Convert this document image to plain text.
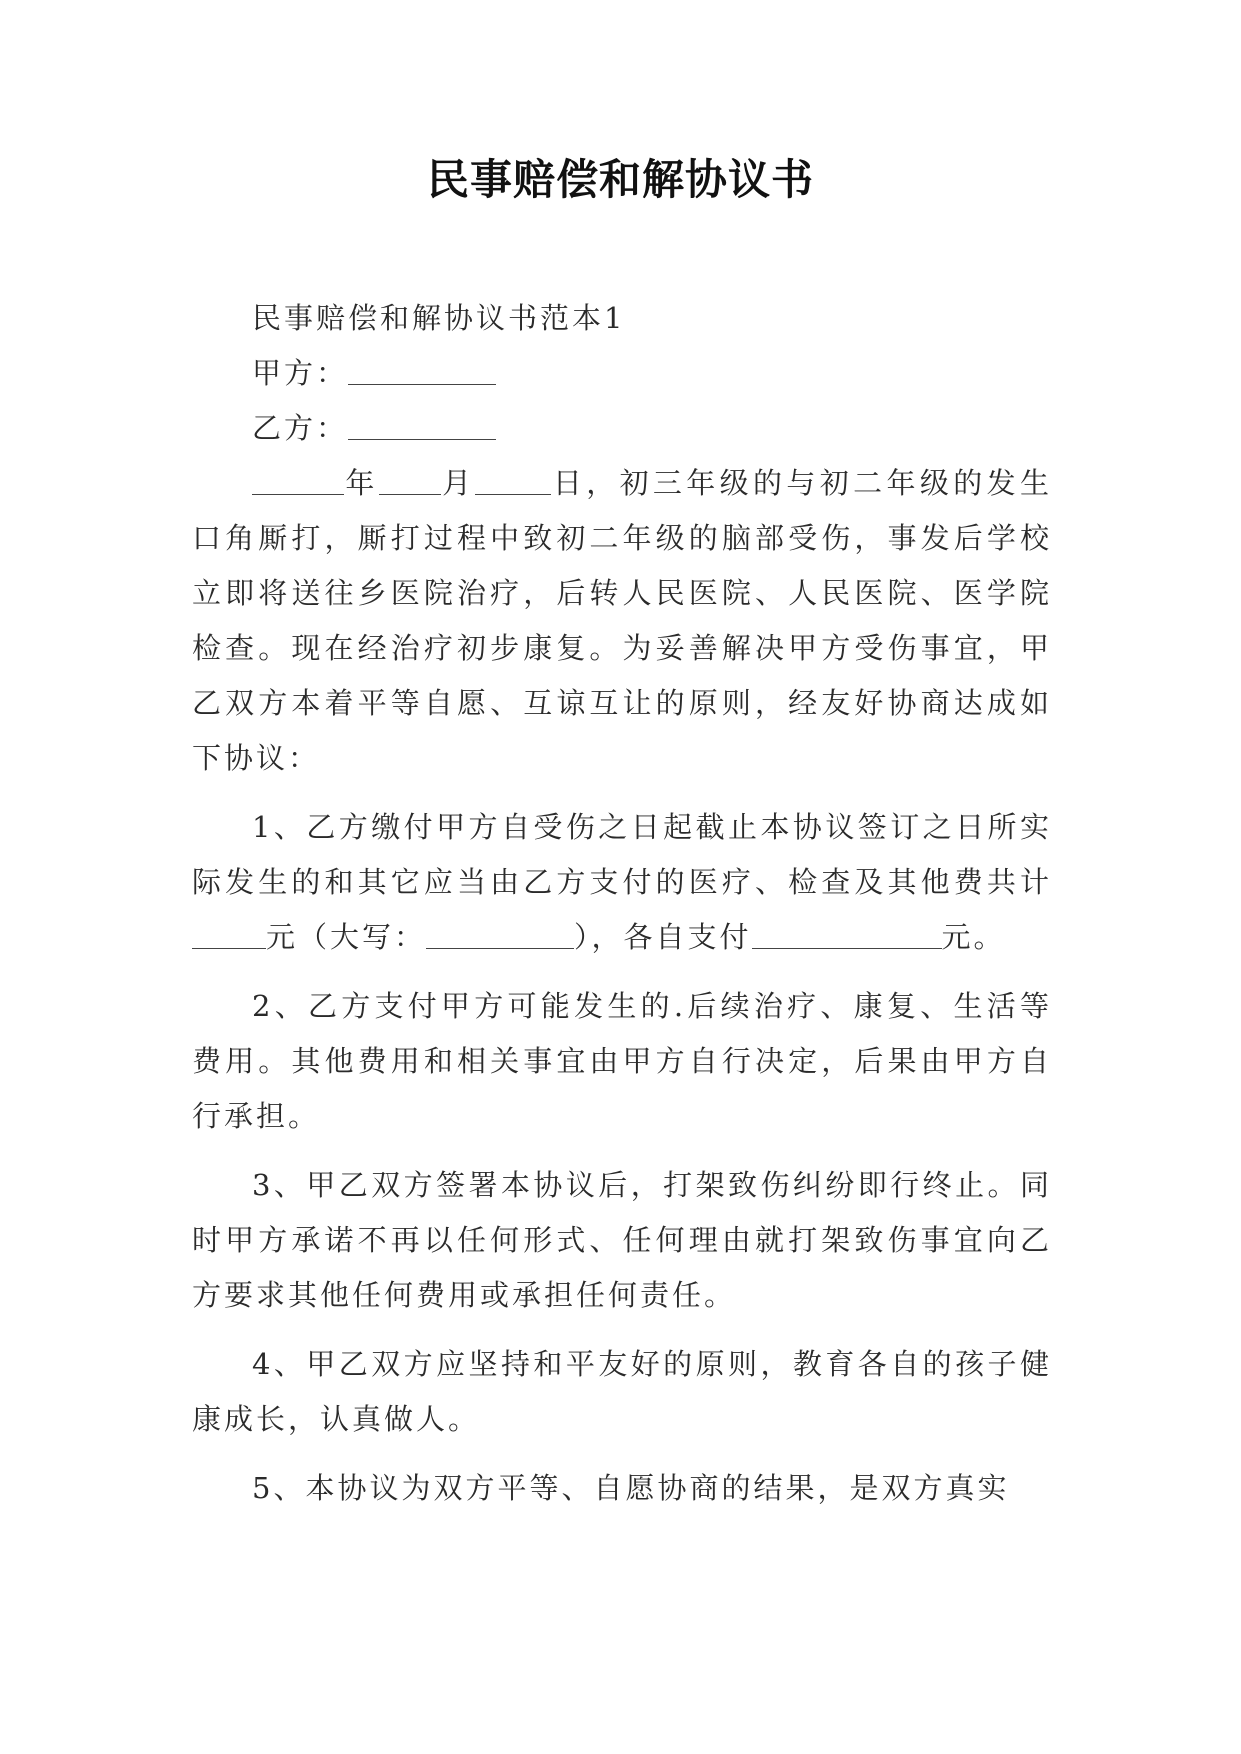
民事赔偿和解协议书

民事赔偿和解协议书范本1

甲方：

乙方：

年 月	日，初三年级的与初二年级的发生口角厮打，厮打过程中致初二年级的脑部受伤，事发后学校立即将送往乡医院治疗，后转人民医院、人民医院、医学院检查。现在经治疗初步康复。为妥善解决甲方受伤事宜，甲乙双方本着平等自愿、互谅互让的原则，经友好协商达成如下协议：

1、乙方缴付甲方自受伤之日起截止本协议签订之日所实际发生的和其它应当由乙方支付的医疗、检查及其他费共计元（大写：	），各自支付	元。

2、乙方支付甲方可能发生的.后续治疗、康复、生活等费用。其他费用和相关事宜由甲方自行决定，后果由甲方自行承担。

3、甲乙双方签署本协议后，打架致伤纠纷即行终止。同时甲方承诺不再以任何形式、任何理由就打架致伤事宜向乙方要求其他任何费用或承担任何责任。

4、甲乙双方应坚持和平友好的原则，教育各自的孩子健康成长，认真做人。

5、本协议为双方平等、自愿协商的结果，是双方真实
